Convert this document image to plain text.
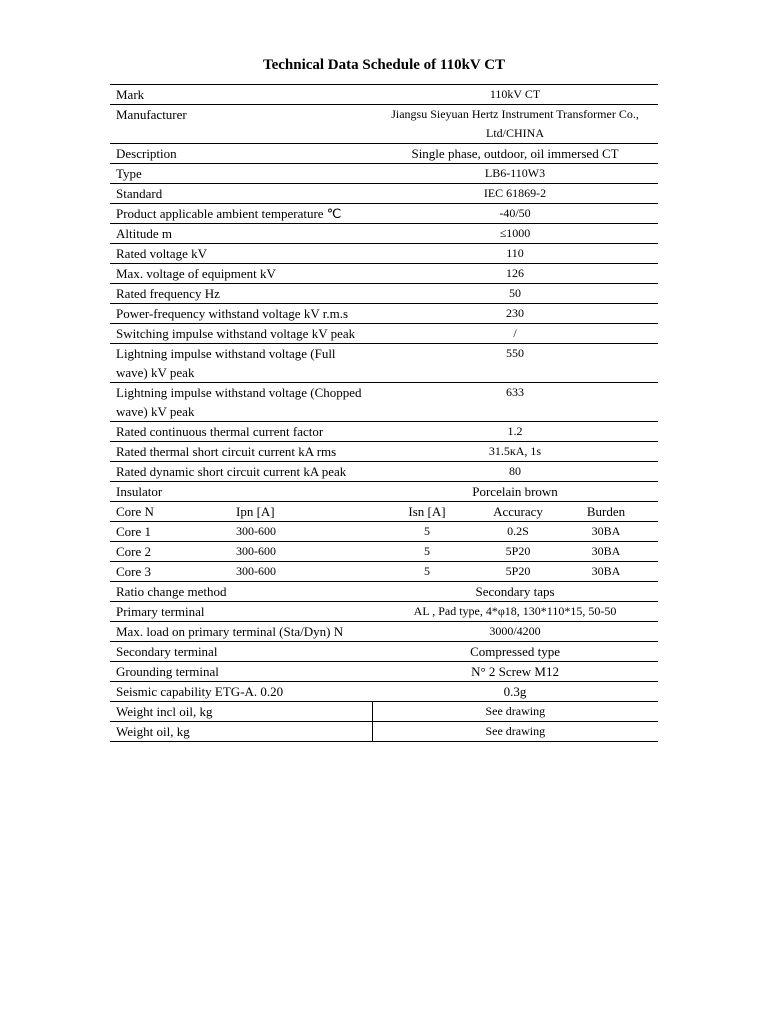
Technical Data Schedule of 110kV CT
Mark		110kV CT		
Manufacturer		Jiangsu Sieyuan Hertz Instrument Transformer Co.,
Ltd/CHINA		

Description		Single phase, outdoor, oil immersed CT		
Type		LB6-110W3		
Standard		IEC 61869-2		
Product applicable ambient temperature ℃		-40/50		
Altitude m		≤1000		
Rated voltage kV		110		
Max. voltage of equipment kV		126		
Rated frequency Hz		50		
Power-frequency withstand voltage kV r.m.s		230		
Switching impulse withstand voltage kV peak		/		

Lightning impulse withstand voltage (Full
wave) kV peak		550		

Lightning impulse withstand voltage (Chopped
wave) kV peak		633		
Rated continuous thermal current factor		1.2		
Rated thermal short circuit current kA rms		31.5кA, 1s		
Rated dynamic short circuit current kA peak		80		
Insulator		Porcelain brown		
Core N	Ipn [A]	Isn [A]	Accuracy	Burden
Core 1	300-600	5	0.2S	30BA
Core 2	300-600	5	5P20	30BA
Core 3	300-600	5	5P20	30BA
Ratio change method		Secondary taps		
Primary terminal		AL , Pad type, 4*φ18, 130*110*15, 50-50		
Max. load on primary terminal (Sta/Dyn) N		3000/4200		
Secondary terminal		Compressed type		
Grounding terminal		N° 2 Screw M12		
Seismic capability ETG-A. 0.20		0.3g		
Weight incl oil, kg		See drawing		
Weight oil, kg		See drawing		
